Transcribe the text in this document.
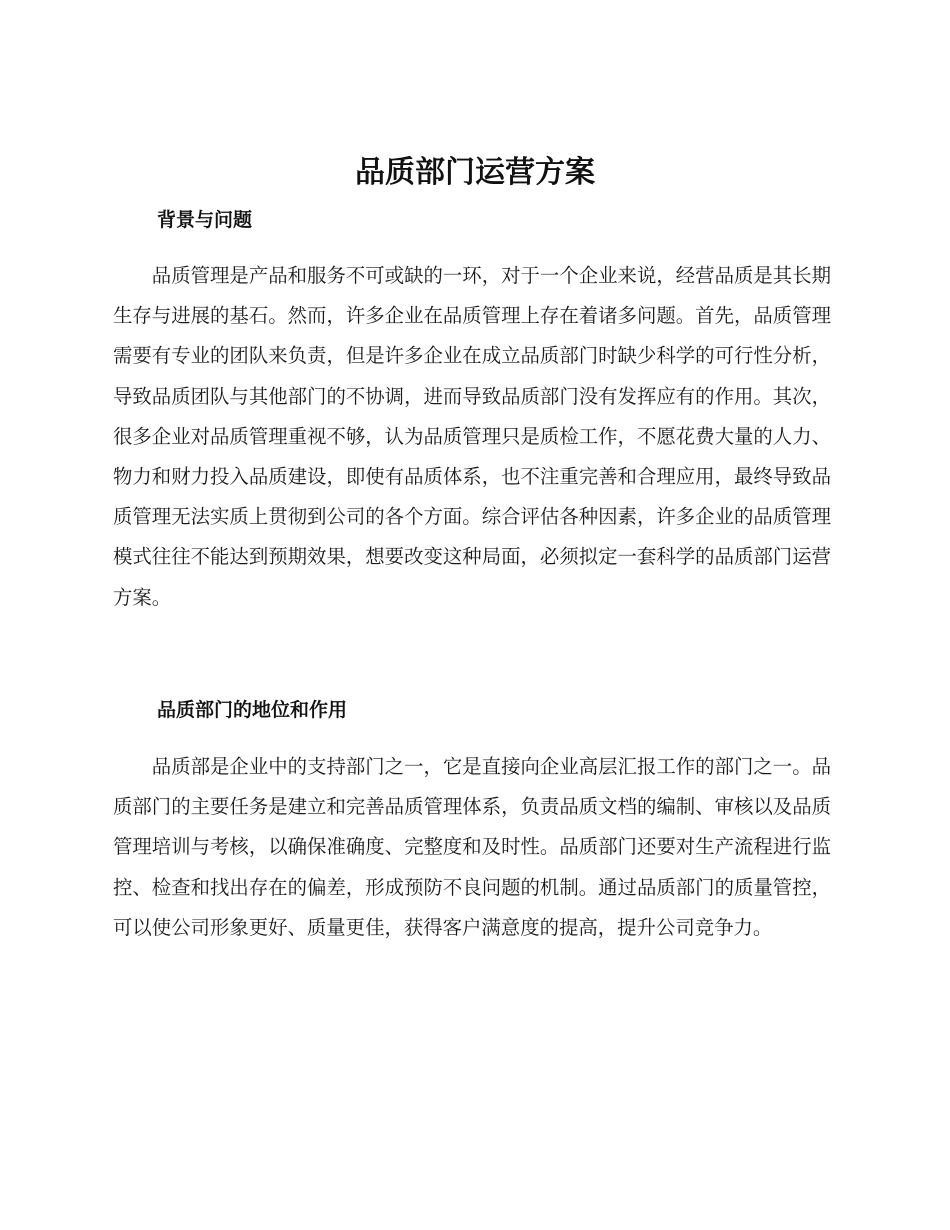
品质部门运营方案
背景与问题

品质管理是产品和服务不可或缺的一环，对于一个企业来说，经营品质是其长期生存与进展的基石。然而，许多企业在品质管理上存在着诸多问题。首先，品质管理需要有专业的团队来负责，但是许多企业在成立品质部门时缺少科学的可行性分析，导致品质团队与其他部门的不协调，进而导致品质部门没有发挥应有的作用。其次，很多企业对品质管理重视不够，认为品质管理只是质检工作，不愿花费大量的人力、物力和财力投入品质建设，即使有品质体系，也不注重完善和合理应用，最终导致品质管理无法实质上贯彻到公司的各个方面。综合评估各种因素，许多企业的品质管理模式往往不能达到预期效果，想要改变这种局面，必须拟定一套科学的品质部门运营方案。

品质部门的地位和作用

品质部是企业中的支持部门之一，它是直接向企业高层汇报工作的部门之一。品质部门的主要任务是建立和完善品质管理体系，负责品质文档的编制、审核以及品质管理培训与考核，以确保准确度、完整度和及时性。品质部门还要对生产流程进行监控、检查和找出存在的偏差，形成预防不良问题的机制。通过品质部门的质量管控，可以使公司形象更好、质量更佳，获得客户满意度的提高，提升公司竞争力。
